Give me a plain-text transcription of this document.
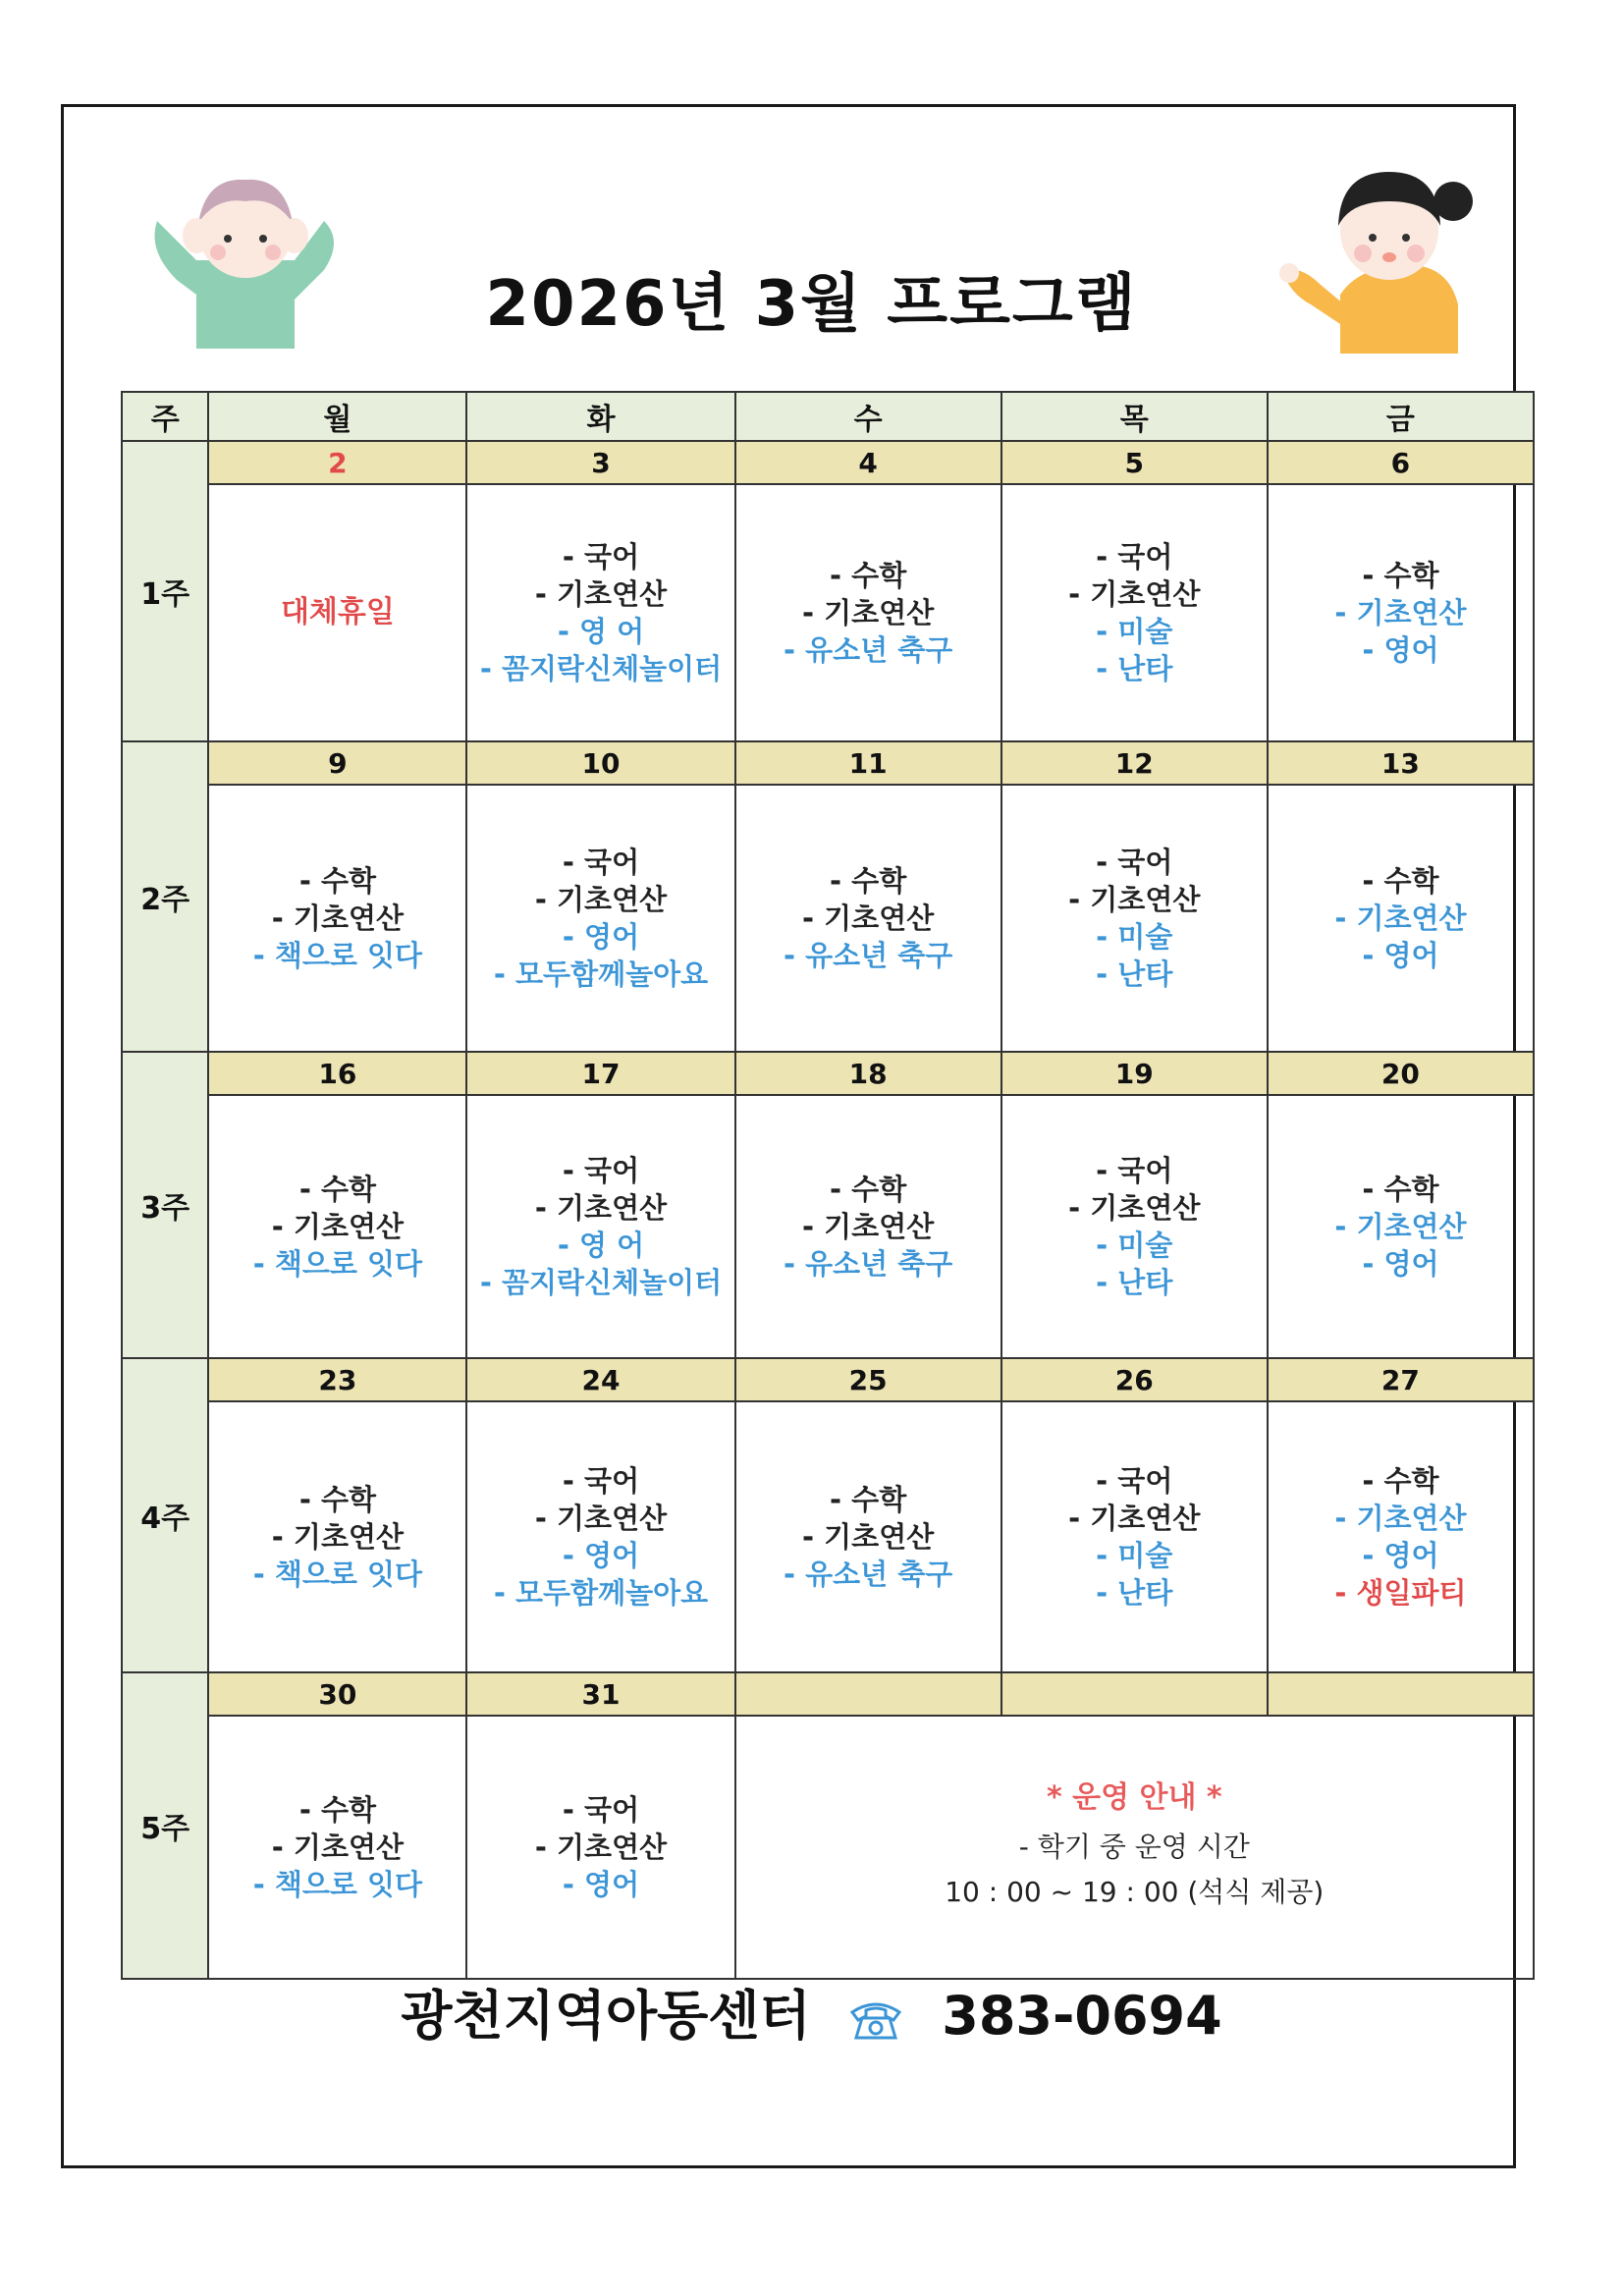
2026년 3월 프로그램
주	월	화	수	목	금
1주	2	3	4	5	6

	대체휴일	- 국어
- 기초연산
- 영 어
- 꼼지락신체놀이터	- 수학
- 기초연산
- 유소년 축구	- 국어
- 기초연산
- 미술
- 난타	- 수학
- 기초연산
- 영어

2주	9	10	11	12	13

	- 수학
- 기초연산
- 책으로 잇다	- 국어
- 기초연산
- 영어
- 모두함께놀아요	- 수학
- 기초연산
- 유소년 축구	- 국어
- 기초연산
- 미술
- 난타	- 수학
- 기초연산
- 영어

3주	16	17	18	19	20

	- 수학
- 기초연산
- 책으로 잇다	- 국어
- 기초연산
- 영 어
- 꼼지락신체놀이터	- 수학
- 기초연산
- 유소년 축구	- 국어
- 기초연산
- 미술
- 난타	- 수학
- 기초연산
- 영어

4주	23	24	25	26	27

	- 수학
- 기초연산
- 책으로 잇다	- 국어
- 기초연산
- 영어
- 모두함께놀아요	- 수학
- 기초연산
- 유소년 축구	- 국어
- 기초연산
- 미술
- 난타	- 수학
- 기초연산
- 영어
- 생일파티

5주	30	31			

	- 수학
- 기초연산
- 책으로 잇다	- 국어
- 기초연산
- 영어	* 운영 안내 *
- 학기 중 운영 시간
10 : 00 ~ 19 : 00 (석식 제공)		
광천지역아동센터 383-0694
